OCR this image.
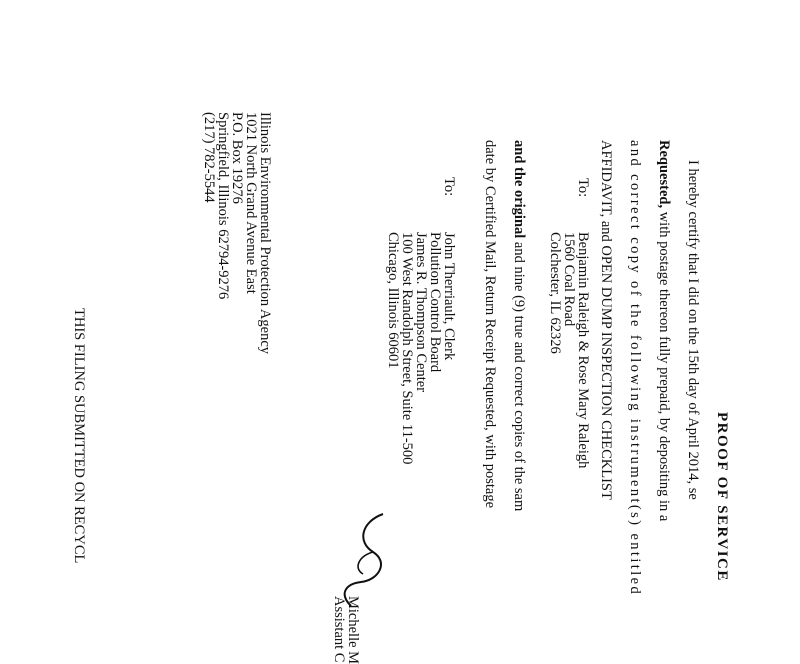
PROOF OF SERVICE
I hereby certify that I did on the 15th day of April 2014, se
Requested, with postage thereon fully prepaid, by depositing in a
and correct copy of the following instrument(s) entitled
AFFIDAVIT, and OPEN DUMP INSPECTION CHECKLIST
To:
Benjamin Raleigh & Rose Mary Raleigh
1560 Coal Road
Colchester, IL 62326
and the original and nine (9) true and correct copies of the sam
date by Certified Mail, Return Receipt Requested, with postage
To:
John Therriault, Clerk
Pollution Control Board
James R. Thompson Center
100 West Randolph Street, Suite 11-500
Chicago, Illinois 60601
Michelle M
Assistant C
Illinois Environmental Protection Agency
1021 North Grand Avenue East
P.O. Box 19276
Springfield, Illinois 62794-9276
(217) 782-5544
THIS FILING SUBMITTED ON RECYCL
